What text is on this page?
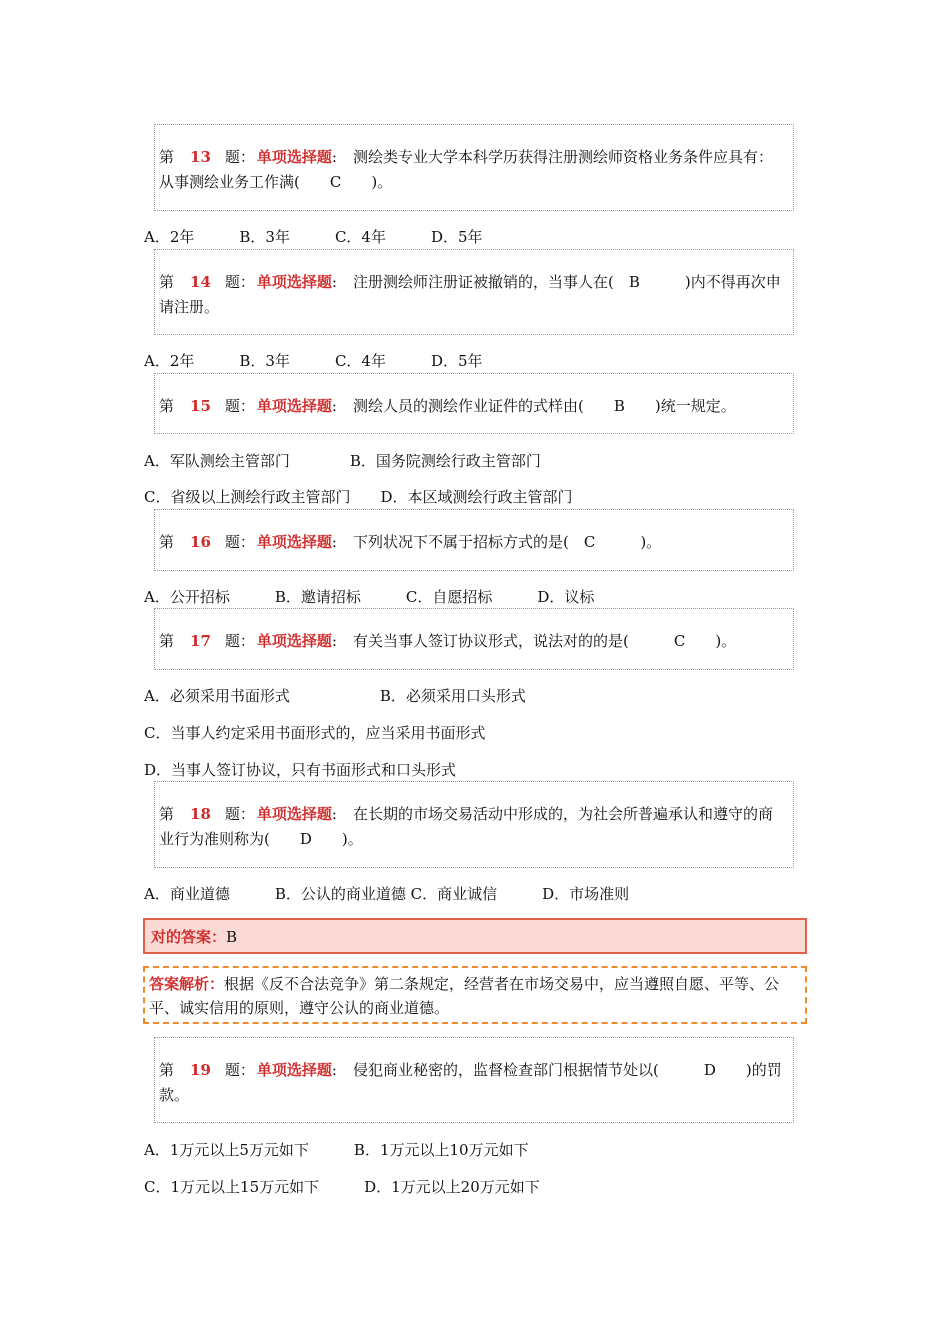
第 13 题： 单项选择题: 测绘类专业大学本科学历获得注册测绘师资格业务条件应具有：从事测绘业务工作满(　　C　　)。
A．2年　　　B．3年　　　C．4年　　　D．5年
第 14 题： 单项选择题: 注册测绘师注册证被撤销的，当事人在(　B　　　)内不得再次申请注册。
A．2年　　　B．3年　　　C．4年　　　D．5年
第 15 题： 单项选择题: 测绘人员的测绘作业证件的式样由(　　B　　)统一规定。
A．军队测绘主管部门　　　　B．国务院测绘行政主管部门
C．省级以上测绘行政主管部门　　D．本区域测绘行政主管部门
第 16 题： 单项选择题: 下列状况下不属于招标方式的是(　C　　　)。
A．公开招标　　　B．邀请招标　　　C．自愿招标　　　D．议标
第 17 题： 单项选择题: 有关当事人签订协议形式，说法对的的是(　　　C　　)。
A．必须采用书面形式　　　　　　B．必须采用口头形式
C．当事人约定采用书面形式的，应当采用书面形式
D．当事人签订协议，只有书面形式和口头形式
第 18 题： 单项选择题: 在长期的市场交易活动中形成的，为社会所普遍承认和遵守的商业行为准则称为(　　D　　)。
A．商业道德　　　B．公认的商业道德 C．商业诚信　　　D．市场准则
对的答案：B
答案解析：根据《反不合法竞争》第二条规定，经营者在市场交易中，应当遵照自愿、平等、公平、诚实信用的原则，遵守公认的商业道德。
第 19 题： 单项选择题: 侵犯商业秘密的，监督检查部门根据情节处以(　　　D　　)的罚款。
A．1万元以上5万元如下　　　B．1万元以上10万元如下
C．1万元以上15万元如下　　　D．1万元以上20万元如下
